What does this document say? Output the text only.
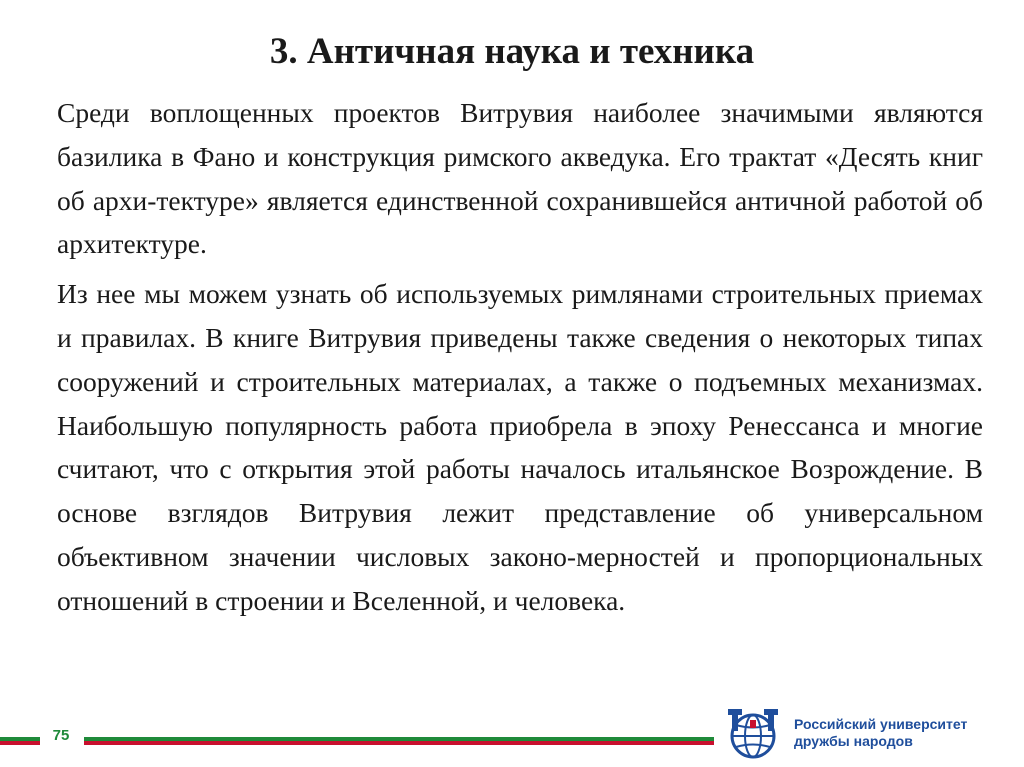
3. Античная наука и техника

Среди воплощенных проектов Витрувия наиболее значимыми являются базилика в Фано и конструкция римского акведука. Его трактат «Десять книг об архи-тектуре» является единственной сохранившейся античной работой об архитектуре.

Из нее мы можем узнать об используемых римлянами строительных приемах и правилах. В книге Витрувия приведены также сведения о некоторых типах сооружений и строительных материалах, а также о подъемных механизмах. Наибольшую популярность работа приобрела в эпоху Ренессанса и многие считают, что с открытия этой работы началось итальянское Возрождение. В основе взглядов Витрувия лежит представление об универсальном объективном значении числовых законо-мерностей и пропорциональных отношений в строении и Вселенной, и человека.

75
Российский университет
дружбы народов
